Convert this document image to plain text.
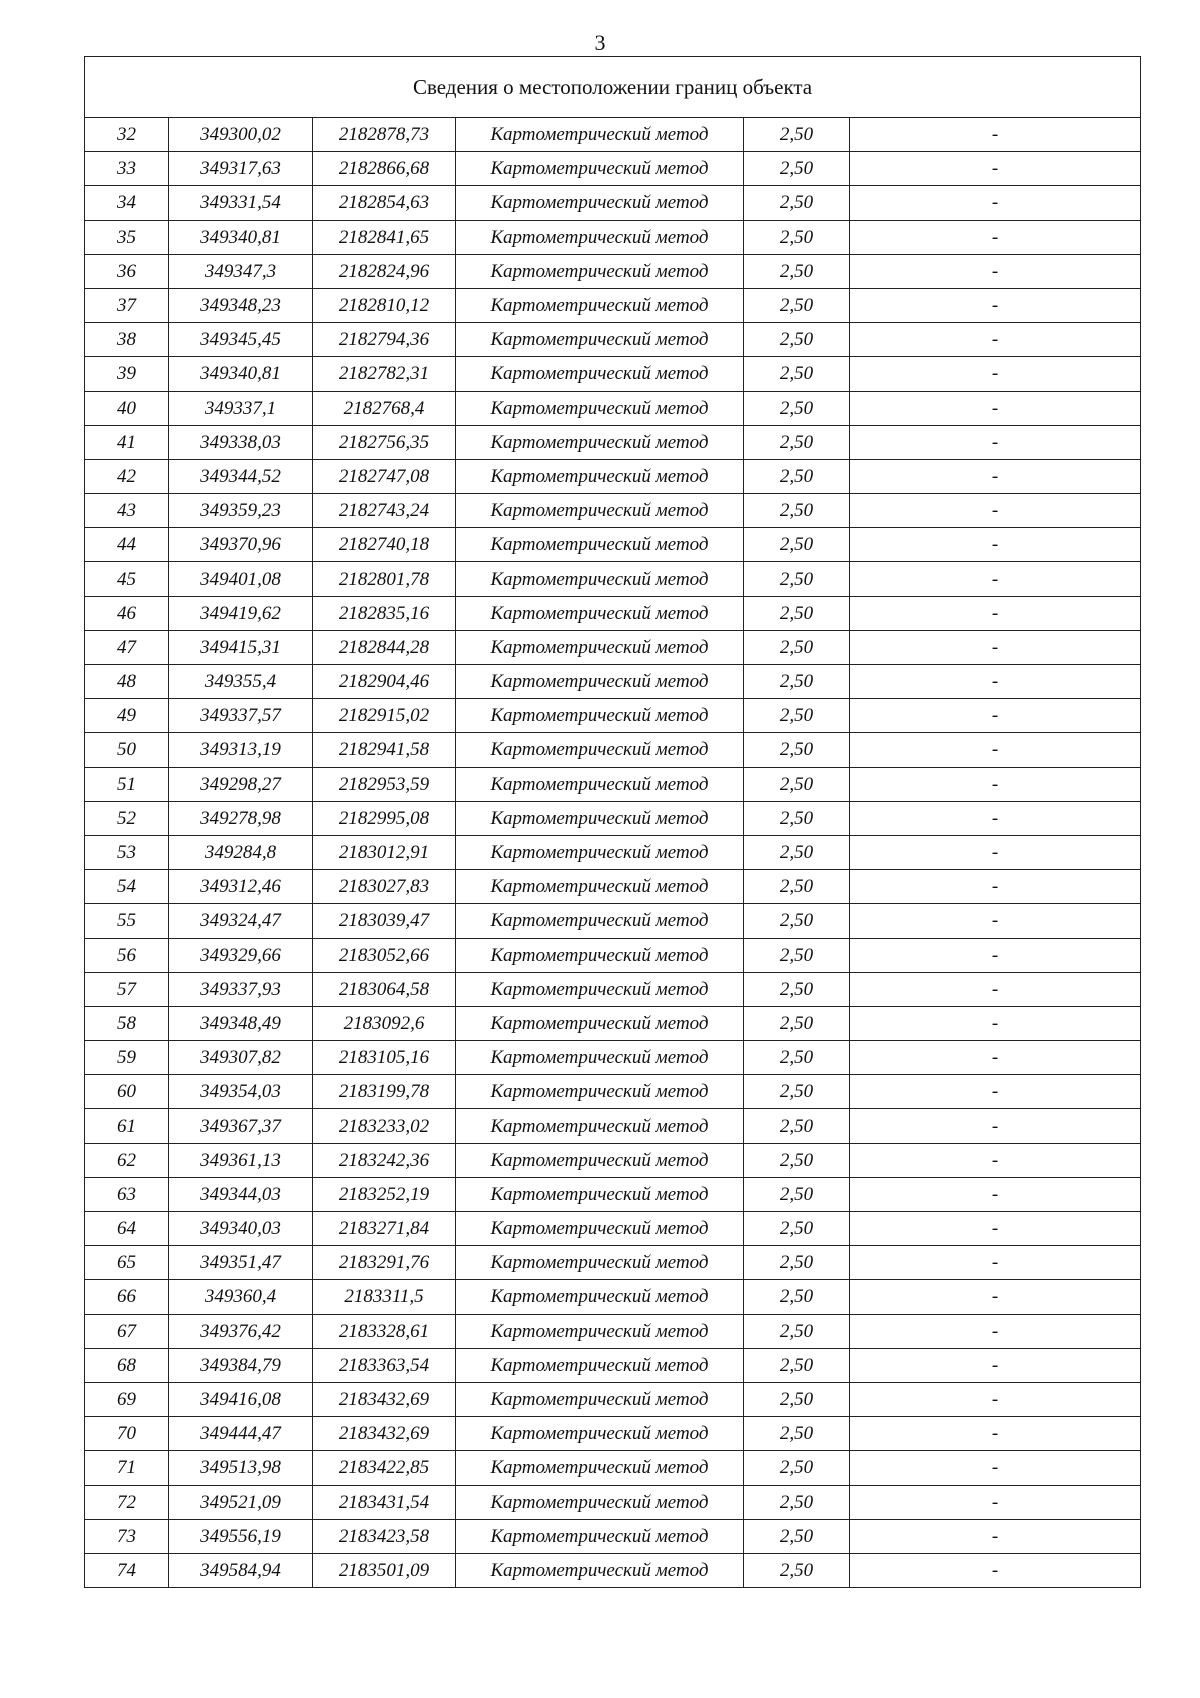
3
Сведения о местоположении границ объекта					
32	349300,02	2182878,73	Картометрический метод	2,50	-
33	349317,63	2182866,68	Картометрический метод	2,50	-
34	349331,54	2182854,63	Картометрический метод	2,50	-
35	349340,81	2182841,65	Картометрический метод	2,50	-
36	349347,3	2182824,96	Картометрический метод	2,50	-
37	349348,23	2182810,12	Картометрический метод	2,50	-
38	349345,45	2182794,36	Картометрический метод	2,50	-
39	349340,81	2182782,31	Картометрический метод	2,50	-
40	349337,1	2182768,4	Картометрический метод	2,50	-
41	349338,03	2182756,35	Картометрический метод	2,50	-
42	349344,52	2182747,08	Картометрический метод	2,50	-
43	349359,23	2182743,24	Картометрический метод	2,50	-
44	349370,96	2182740,18	Картометрический метод	2,50	-
45	349401,08	2182801,78	Картометрический метод	2,50	-
46	349419,62	2182835,16	Картометрический метод	2,50	-
47	349415,31	2182844,28	Картометрический метод	2,50	-
48	349355,4	2182904,46	Картометрический метод	2,50	-
49	349337,57	2182915,02	Картометрический метод	2,50	-
50	349313,19	2182941,58	Картометрический метод	2,50	-
51	349298,27	2182953,59	Картометрический метод	2,50	-
52	349278,98	2182995,08	Картометрический метод	2,50	-
53	349284,8	2183012,91	Картометрический метод	2,50	-
54	349312,46	2183027,83	Картометрический метод	2,50	-
55	349324,47	2183039,47	Картометрический метод	2,50	-
56	349329,66	2183052,66	Картометрический метод	2,50	-
57	349337,93	2183064,58	Картометрический метод	2,50	-
58	349348,49	2183092,6	Картометрический метод	2,50	-
59	349307,82	2183105,16	Картометрический метод	2,50	-
60	349354,03	2183199,78	Картометрический метод	2,50	-
61	349367,37	2183233,02	Картометрический метод	2,50	-
62	349361,13	2183242,36	Картометрический метод	2,50	-
63	349344,03	2183252,19	Картометрический метод	2,50	-
64	349340,03	2183271,84	Картометрический метод	2,50	-
65	349351,47	2183291,76	Картометрический метод	2,50	-
66	349360,4	2183311,5	Картометрический метод	2,50	-
67	349376,42	2183328,61	Картометрический метод	2,50	-
68	349384,79	2183363,54	Картометрический метод	2,50	-
69	349416,08	2183432,69	Картометрический метод	2,50	-
70	349444,47	2183432,69	Картометрический метод	2,50	-
71	349513,98	2183422,85	Картометрический метод	2,50	-
72	349521,09	2183431,54	Картометрический метод	2,50	-
73	349556,19	2183423,58	Картометрический метод	2,50	-
74	349584,94	2183501,09	Картометрический метод	2,50	-
